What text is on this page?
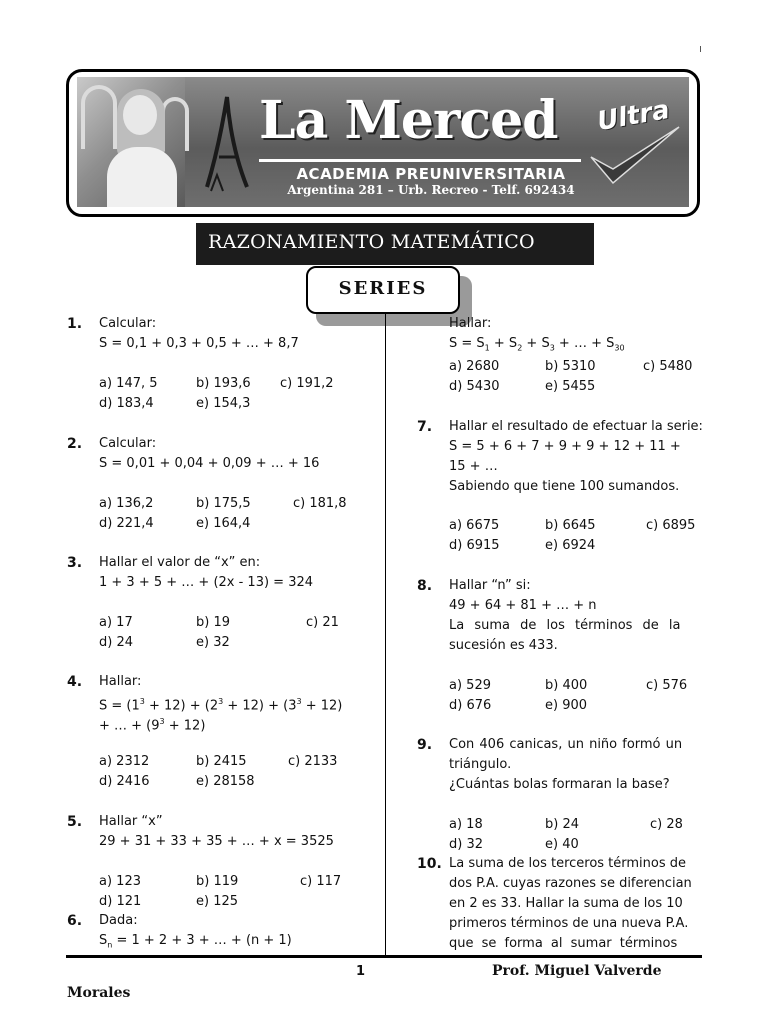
La Merced	Ultra
ACADEMIA PREUNIVERSITARIA
Argentina 281 – Urb. Recreo - Telf. 692434
RAZONAMIENTO MATEMÁTICO
SERIES
1. Calcular:
S = 0,1 + 0,3 + 0,5 + … + 8,7
a) 147, 5	b) 193,6 c) 191,2
d) 183,4	e) 154,3
2. Calcular:
S = 0,01 + 0,04 + 0,09 + … + 16
a) 136,2	b) 175,5	c) 181,8
d) 221,4	e) 164,4
3. Hallar el valor de “x” en:
1 + 3 + 5 + … + (2x - 13) = 324
a) 17	b) 19	c) 21
d) 24	e) 32
4. Hallar:
$S = (1^3 + 12) + (2^3 + 12) + (3^3 + 12)$
+ … + $(9^3 + 12)$
a) 2312	b) 2415	c) 2133
d) 2416	e) 28158
5. Hallar “x”
29 + 31 + 33 + 35 + … + x = 3525
a) 123	b) 119	c) 117
d) 121	e) 125
6. Dada:
$S_n = 1 + 2 + 3$ + … + (n + 1)
Hallar:
$S = S_1 + S_2 + S_3$ + … + $S_{30}$
a) 2680	b) 5310	c) 5480
d) 5430	e) 5455
7. Hallar el resultado de efectuar la serie:
S = 5 + 6 + 7 + 9 + 9 + 12 + 11 +
15 + …
Sabiendo que tiene 100 sumandos.
a) 6675	b) 6645	c) 6895
d) 6915	e) 6924
8. Hallar “n” si:
49 + 64 + 81 + … + n
La suma de los términos de la
sucesión es 433.
a) 529	b) 400	c) 576
d) 676	e) 900
9. Con 406 canicas, un niño formó un
triángulo.
¿Cuántas bolas formaran la base?
a) 18	b) 24	c) 28
d) 32	e) 40
10. La suma de los terceros términos de
dos P.A. cuyas razones se diferencian
en 2 es 33. Hallar la suma de los 10
primeros términos de una nueva P.A.
que se forma al sumar términos
1	Prof. Miguel Valverde
Morales
